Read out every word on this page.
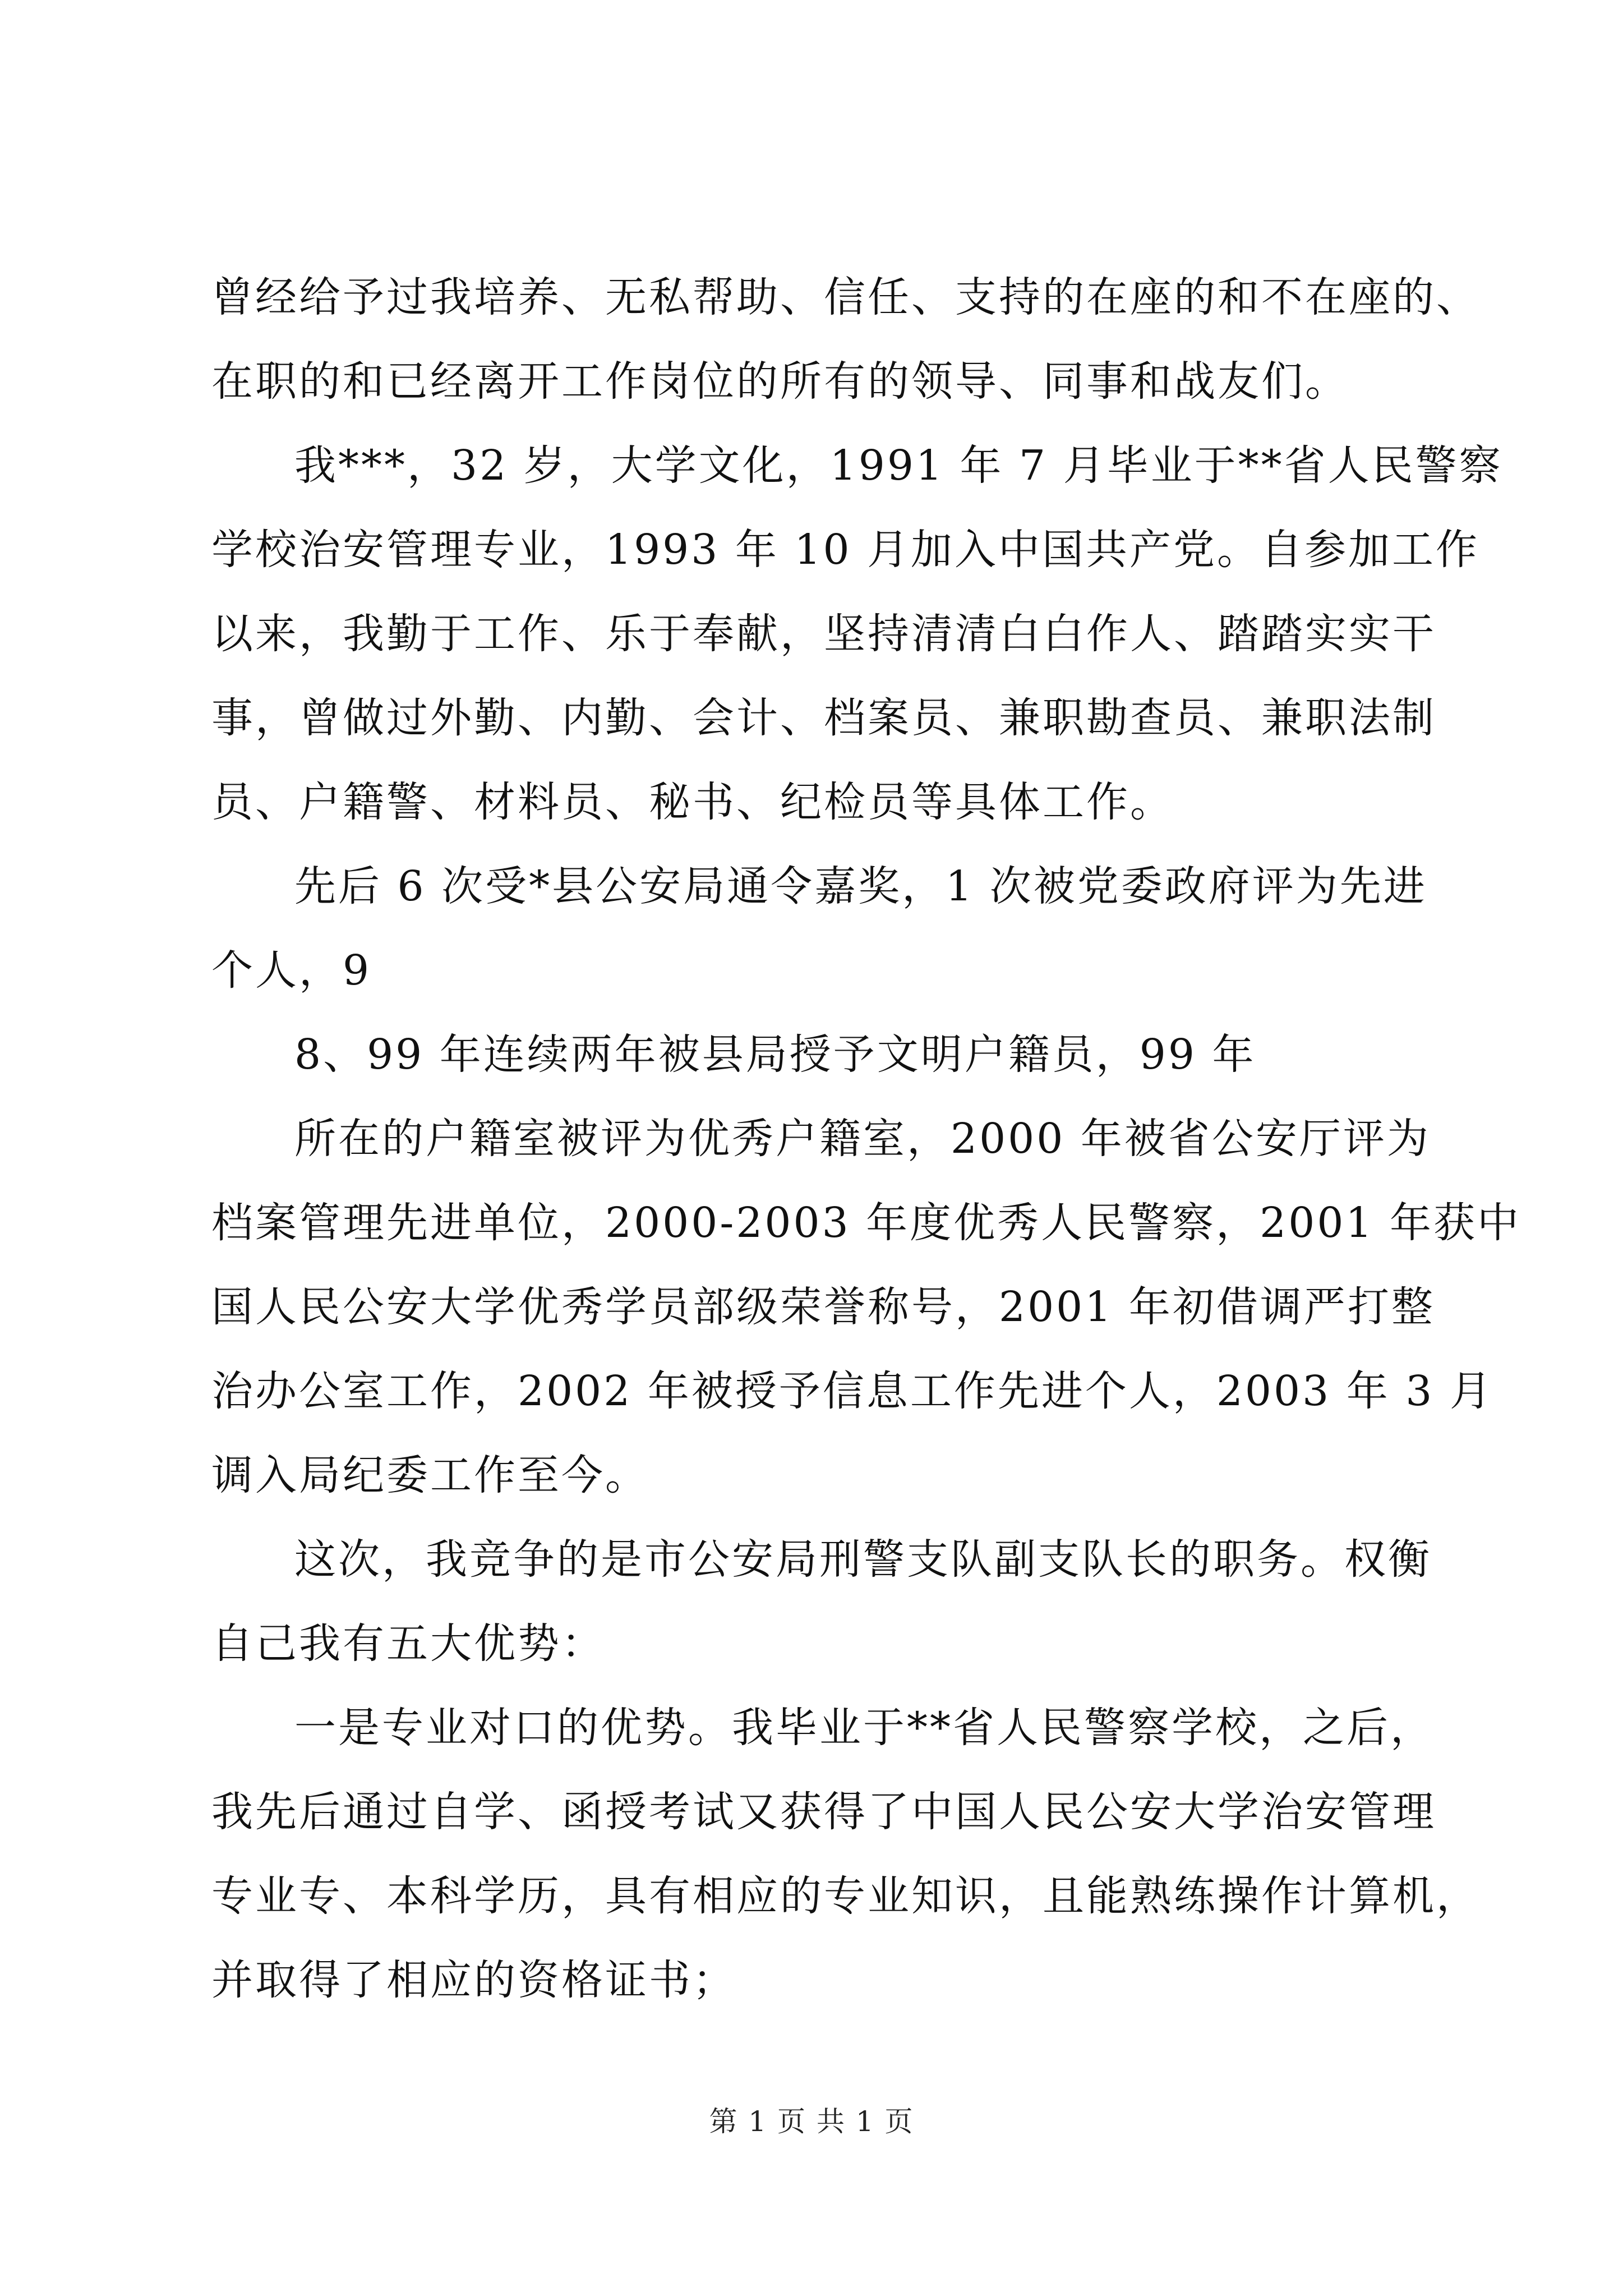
曾经给予过我培养、无私帮助、信任、支持的在座的和不在座的、

在职的和已经离开工作岗位的所有的领导、同事和战友们。

我***，32 岁，大学文化，1991 年 7 月毕业于**省人民警察

学校治安管理专业，1993 年 10 月加入中国共产党。自参加工作

以来，我勤于工作、乐于奉献，坚持清清白白作人、踏踏实实干

事，曾做过外勤、内勤、会计、档案员、兼职勘查员、兼职法制

员、户籍警、材料员、秘书、纪检员等具体工作。

先后 6 次受*县公安局通令嘉奖，1 次被党委政府评为先进

个人，9

8、99 年连续两年被县局授予文明户籍员，99 年

所在的户籍室被评为优秀户籍室，2000 年被省公安厅评为

档案管理先进单位，2000-2003 年度优秀人民警察，2001 年获中

国人民公安大学优秀学员部级荣誉称号，2001 年初借调严打整

治办公室工作，2002 年被授予信息工作先进个人，2003 年 3 月

调入局纪委工作至今。

这次，我竞争的是市公安局刑警支队副支队长的职务。权衡

自己我有五大优势：

一是专业对口的优势。我毕业于**省人民警察学校，之后，

我先后通过自学、函授考试又获得了中国人民公安大学治安管理

专业专、本科学历，具有相应的专业知识，且能熟练操作计算机，

并取得了相应的资格证书；

第 1 页 共 1 页
